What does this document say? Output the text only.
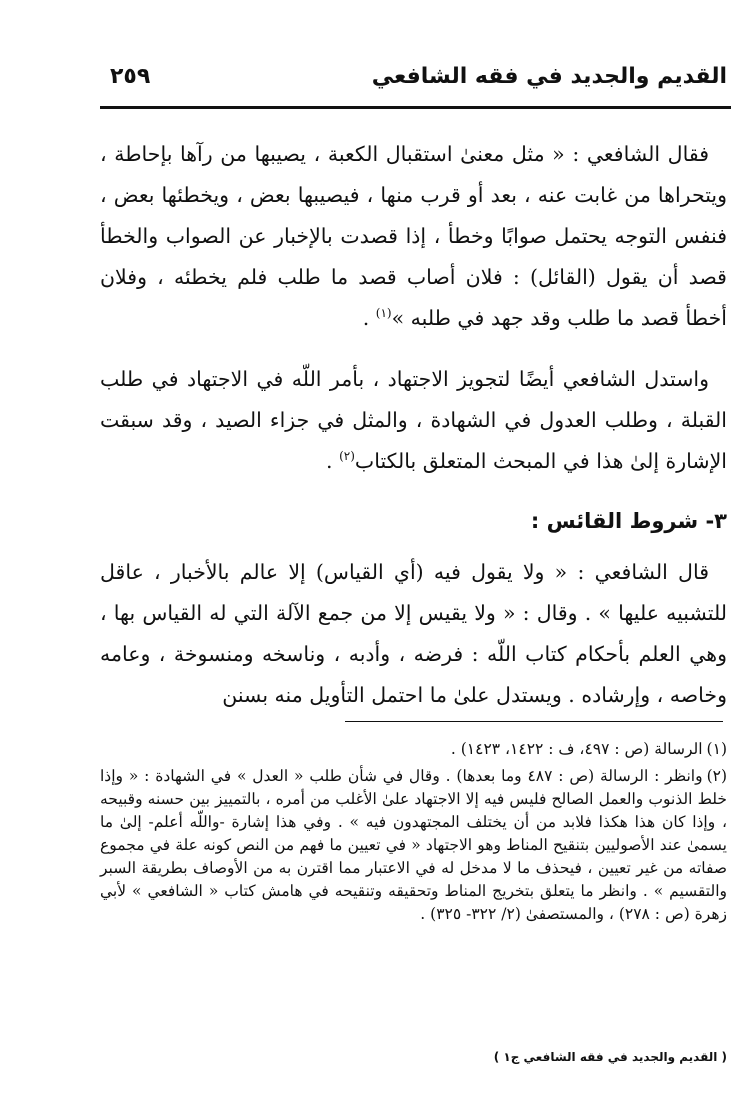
القديم والجديد في فقه الشافعي
٢٥٩

فقال الشافعي : « مثل معنىٰ استقبال الكعبة ، يصيبها من رآها بإحاطة ، ويتحراها من غابت عنه ، بعد أو قرب منها ، فيصيبها بعض ، ويخطئها بعض ، فنفس التوجه يحتمل صوابًا وخطأ ، إذا قصدت بالإخبار عن الصواب والخطأ قصد أن يقول (القائل) : فلان أصاب قصد ما طلب فلم يخطئه ، وفلان أخطأ قصد ما طلب وقد جهد في طلبه »$^{(١)}$ .

واستدل الشافعي أيضًا لتجويز الاجتهاد ، بأمر اللّه في الاجتهاد في طلب القبلة ، وطلب العدول في الشهادة ، والمثل في جزاء الصيد ، وقد سبقت الإشارة إلىٰ هذا في المبحث المتعلق بالكتاب$^{(٢)}$ .

٣- شروط القائس :

قال الشافعي : « ولا يقول فيه (أي القياس) إلا عالم بالأخبار ، عاقل للتشبيه عليها » . وقال : « ولا يقيس إلا من جمع الآلة التي له القياس بها ، وهي العلم بأحكام كتاب اللّه : فرضه ، وأدبه ، وناسخه ومنسوخة ، وعامه وخاصه ، وإرشاده . ويستدل علىٰ ما احتمل التأويل منه بسنن

(١)الرسالة (ص : ٤٩٧، ف : ١٤٢٢، ١٤٢٣) .
(٢)وانظر : الرسالة (ص : ٤٨٧ وما بعدها) . وقال في شأن طلب « العدل » في الشهادة : « وإذا خلط الذنوب والعمل الصالح فليس فيه إلا الاجتهاد علىٰ الأغلب من أمره ، بالتمييز بين حسنه وقبيحه ، وإذا كان هذا هكذا فلابد من أن يختلف المجتهدون فيه » . وفي هذا إشارة -واللّه أعلم- إلىٰ ما يسمىٰ عند الأصوليين بتنقيح المناط وهو الاجتهاد « في تعيين ما فهم من النص كونه علة في مجموع صفاته من غير تعيين ، فيحذف ما لا مدخل له في الاعتبار مما اقترن به من الأوصاف بطريقة السبر والتقسيم » . وانظر ما يتعلق بتخريج المناط وتحقيقه وتنقيحه في هامش كتاب « الشافعي » لأبي زهرة (ص : ٢٧٨) ، والمستصفىٰ (٢/ ٣٢٢- ٣٢٥) .
( القديم والجديد في فقه الشافعي ج١ )
